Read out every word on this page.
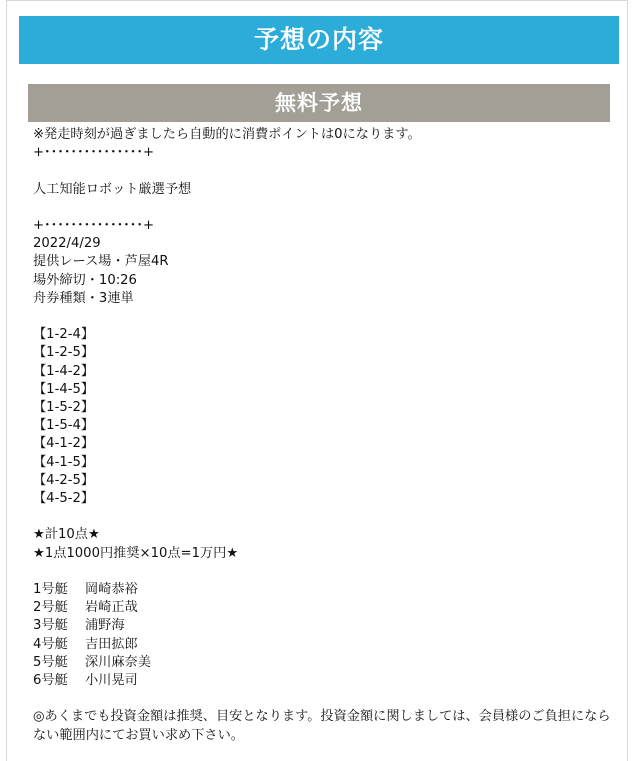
予想の内容
無料予想
※発走時刻が過ぎましたら自動的に消費ポイントは0になります。
+･･･････････････+
人工知能ロボット厳選予想
+･･･････････････+
2022/4/29
提供レース場・芦屋4R
場外締切・10:26
舟券種類・3連単
【1-2-4】
【1-2-5】
【1-4-2】
【1-4-5】
【1-5-2】
【1-5-4】
【4-1-2】
【4-1-5】
【4-2-5】
【4-5-2】
★計10点★
★1点1000円推奨×10点=1万円★
1号艇 岡崎恭裕
2号艇 岩崎正哉
3号艇 浦野海
4号艇 吉田拡郎
5号艇 深川麻奈美
6号艇 小川晃司
◎あくまでも投資金額は推奨、目安となります。投資金額に関しましては、会員様のご負担にならない範囲内にてお買い求め下さい。
